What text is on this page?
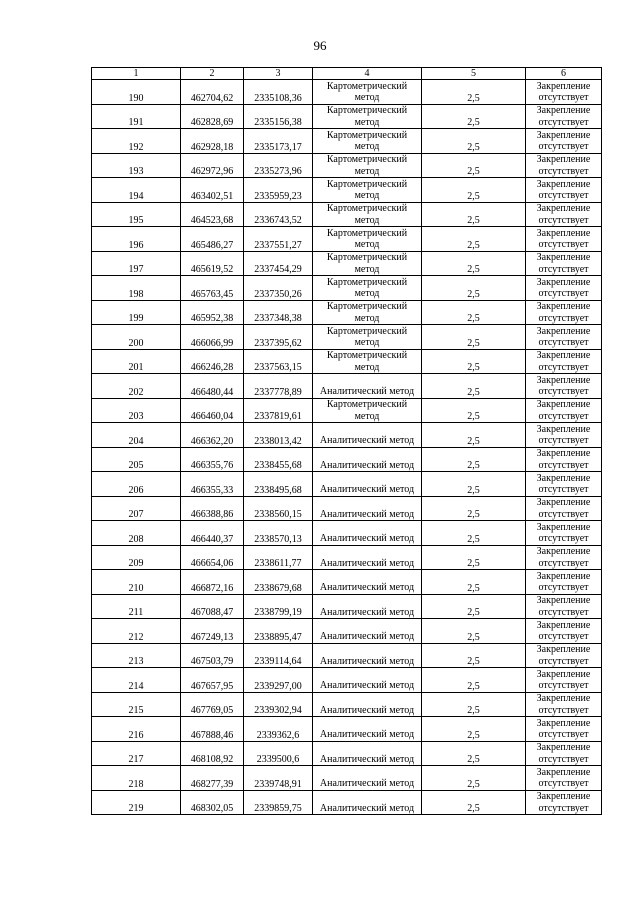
96
1	2	3	4	5	6
190	462704,62	2335108,36	Картометрический метод	2,5	Закрепление отсутствует
191	462828,69	2335156,38	Картометрический метод	2,5	Закрепление отсутствует
192	462928,18	2335173,17	Картометрический метод	2,5	Закрепление отсутствует
193	462972,96	2335273,96	Картометрический метод	2,5	Закрепление отсутствует
194	463402,51	2335959,23	Картометрический метод	2,5	Закрепление отсутствует
195	464523,68	2336743,52	Картометрический метод	2,5	Закрепление отсутствует
196	465486,27	2337551,27	Картометрический метод	2,5	Закрепление отсутствует
197	465619,52	2337454,29	Картометрический метод	2,5	Закрепление отсутствует
198	465763,45	2337350,26	Картометрический метод	2,5	Закрепление отсутствует
199	465952,38	2337348,38	Картометрический метод	2,5	Закрепление отсутствует
200	466066,99	2337395,62	Картометрический метод	2,5	Закрепление отсутствует
201	466246,28	2337563,15	Картометрический метод	2,5	Закрепление отсутствует
202	466480,44	2337778,89	Аналитический метод	2,5	Закрепление отсутствует
203	466460,04	2337819,61	Картометрический метод	2,5	Закрепление отсутствует
204	466362,20	2338013,42	Аналитический метод	2,5	Закрепление отсутствует
205	466355,76	2338455,68	Аналитический метод	2,5	Закрепление отсутствует
206	466355,33	2338495,68	Аналитический метод	2,5	Закрепление отсутствует
207	466388,86	2338560,15	Аналитический метод	2,5	Закрепление отсутствует
208	466440,37	2338570,13	Аналитический метод	2,5	Закрепление отсутствует
209	466654,06	2338611,77	Аналитический метод	2,5	Закрепление отсутствует
210	466872,16	2338679,68	Аналитический метод	2,5	Закрепление отсутствует
211	467088,47	2338799,19	Аналитический метод	2,5	Закрепление отсутствует
212	467249,13	2338895,47	Аналитический метод	2,5	Закрепление отсутствует
213	467503,79	2339114,64	Аналитический метод	2,5	Закрепление отсутствует
214	467657,95	2339297,00	Аналитический метод	2,5	Закрепление отсутствует
215	467769,05	2339302,94	Аналитический метод	2,5	Закрепление отсутствует
216	467888,46	2339362,6	Аналитический метод	2,5	Закрепление отсутствует
217	468108,92	2339500,6	Аналитический метод	2,5	Закрепление отсутствует
218	468277,39	2339748,91	Аналитический метод	2,5	Закрепление отсутствует
219	468302,05	2339859,75	Аналитический метод	2,5	Закрепление отсутствует
